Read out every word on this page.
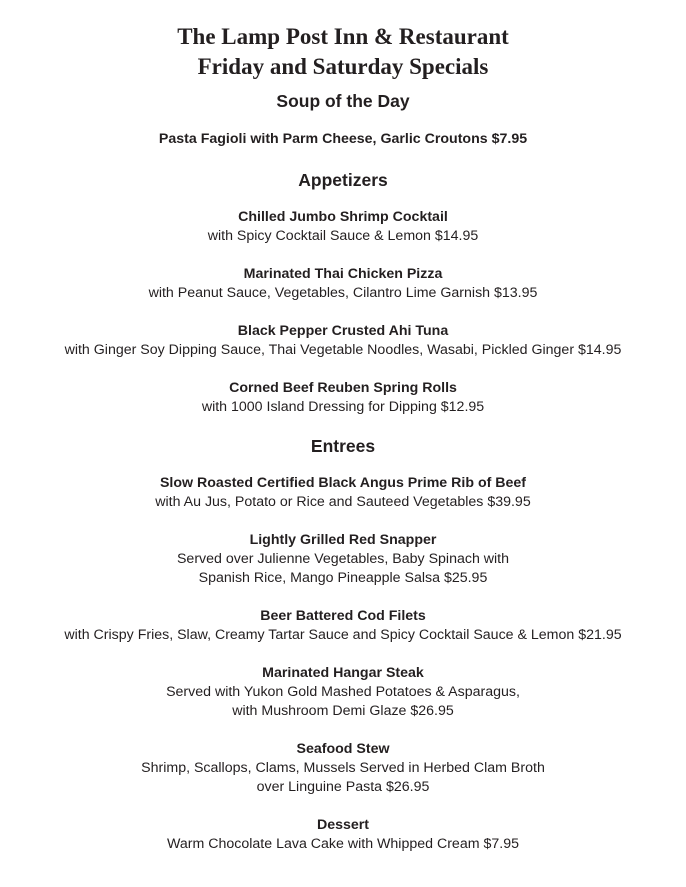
The Lamp Post Inn & Restaurant
Friday and Saturday Specials
Soup of the Day
Pasta Fagioli with Parm Cheese, Garlic Croutons $7.95
Appetizers
Chilled Jumbo Shrimp Cocktail
with Spicy Cocktail Sauce & Lemon $14.95
Marinated Thai Chicken Pizza
with Peanut Sauce, Vegetables, Cilantro Lime Garnish $13.95
Black Pepper Crusted Ahi Tuna
with Ginger Soy Dipping Sauce, Thai Vegetable Noodles, Wasabi, Pickled Ginger $14.95
Corned Beef Reuben Spring Rolls
with 1000 Island Dressing for Dipping $12.95
Entrees
Slow Roasted Certified Black Angus Prime Rib of Beef
with Au Jus, Potato or Rice and Sauteed Vegetables $39.95
Lightly Grilled Red Snapper
Served over Julienne Vegetables, Baby Spinach with
Spanish Rice, Mango Pineapple Salsa $25.95
Beer Battered Cod Filets
with Crispy Fries, Slaw, Creamy Tartar Sauce and Spicy Cocktail Sauce & Lemon $21.95
Marinated Hangar Steak
Served with Yukon Gold Mashed Potatoes & Asparagus,
with Mushroom Demi Glaze $26.95
Seafood Stew
Shrimp, Scallops, Clams, Mussels Served in Herbed Clam Broth
over Linguine Pasta $26.95
Dessert
Warm Chocolate Lava Cake with Whipped Cream $7.95
